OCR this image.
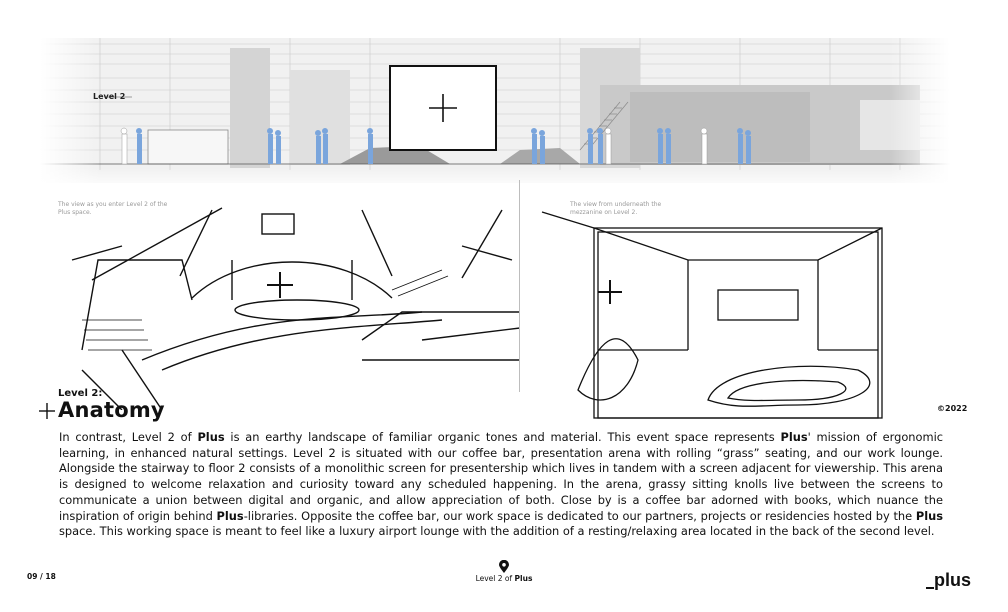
Level 2
The view as you enter Level 2 of the Plus space.
The view from underneath the mezzanine on Level 2.
Level 2:
Anatomy	©2022
In contrast, Level 2 of Plus is an earthy landscape of familiar organic tones and material. This event space represents Plus' mission of ergonomic learning, in enhanced natural settings. Level 2 is situated with our coffee bar, presentation arena with rolling “grass” seating, and our work lounge. Alongside the stairway to floor 2 consists of a monolithic screen for presentership which lives in tandem with a screen adjacent for viewership. This arena is designed to welcome relaxation and curiosity toward any scheduled happening. In the arena, grassy sitting knolls live between the screens to communicate a union between digital and organic, and allow appreciation of both. Close by is a coffee bar adorned with books, which nuance the inspiration of origin behind Plus-libraries. Opposite the coffee bar, our work space is dedicated to our partners, projects or residencies hosted by the Plus space. This working space is meant to feel like a luxury airport lounge with the addition of a resting/relaxing area located in the back of the second level.
09 / 18	Level 2 of Plus	plus
